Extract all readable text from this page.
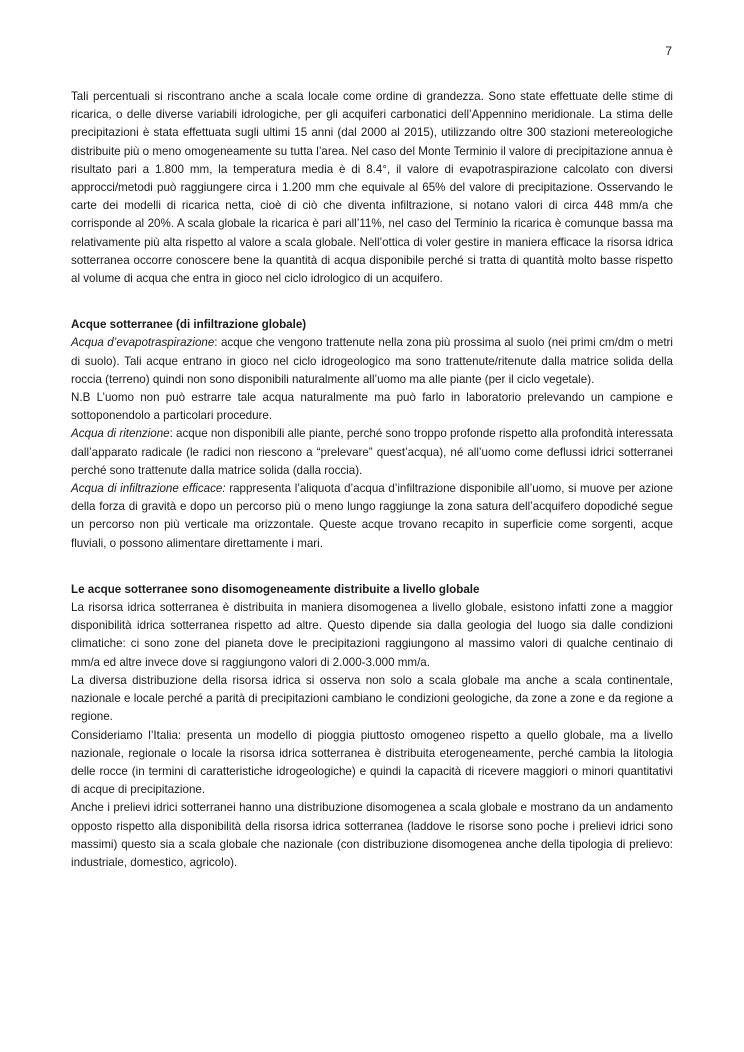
7

Tali percentuali si riscontrano anche a scala locale come ordine di grandezza. Sono state effettuate delle stime di ricarica, o delle diverse variabili idrologiche, per gli acquiferi carbonatici dell’Appennino meridionale. La stima delle precipitazioni è stata effettuata sugli ultimi 15 anni (dal 2000 al 2015), utilizzando oltre 300 stazioni metereologiche distribuite più o meno omogeneamente su tutta l’area. Nel caso del Monte Terminio il valore di precipitazione annua è risultato pari a 1.800 mm, la temperatura media è di 8.4°, il valore di evapotraspirazione calcolato con diversi approcci/metodi può raggiungere circa i 1.200 mm che equivale al 65% del valore di precipitazione. Osservando le carte dei modelli di ricarica netta, cioè di ciò che diventa infiltrazione, si notano valori di circa 448 mm/a che corrisponde al 20%. A scala globale la ricarica è pari all’11%, nel caso del Terminio la ricarica è comunque bassa ma relativamente più alta rispetto al valore a scala globale. Nell’ottica di voler gestire in maniera efficace la risorsa idrica sotterranea occorre conoscere bene la quantità di acqua disponibile perché si tratta di quantità molto basse rispetto al volume di acqua che entra in gioco nel ciclo idrologico di un acquifero.

Acque sotterranee (di infiltrazione globale)

Acqua d’evapotraspirazione: acque che vengono trattenute nella zona più prossima al suolo (nei primi cm/dm o metri di suolo). Tali acque entrano in gioco nel ciclo idrogeologico ma sono trattenute/ritenute dalla matrice solida della roccia (terreno) quindi non sono disponibili naturalmente all’uomo ma alle piante (per il ciclo vegetale).

N.B L’uomo non può estrarre tale acqua naturalmente ma può farlo in laboratorio prelevando un campione e sottoponendolo a particolari procedure.

Acqua di ritenzione: acque non disponibili alle piante, perché sono troppo profonde rispetto alla profondità interessata dall’apparato radicale (le radici non riescono a “prelevare” quest’acqua), né all’uomo come deflussi idrici sotterranei perché sono trattenute dalla matrice solida (dalla roccia).

Acqua di infiltrazione efficace: rappresenta l’aliquota d’acqua d’infiltrazione disponibile all’uomo, si muove per azione della forza di gravità e dopo un percorso più o meno lungo raggiunge la zona satura dell’acquifero dopodiché segue un percorso non più verticale ma orizzontale. Queste acque trovano recapito in superficie come sorgenti, acque fluviali, o possono alimentare direttamente i mari.

Le acque sotterranee sono disomogeneamente distribuite a livello globale

La risorsa idrica sotterranea è distribuita in maniera disomogenea a livello globale, esistono infatti zone a maggior disponibilità idrica sotterranea rispetto ad altre. Questo dipende sia dalla geologia del luogo sia dalle condizioni climatiche: ci sono zone del pianeta dove le precipitazioni raggiungono al massimo valori di qualche centinaio di mm/a ed altre invece dove si raggiungono valori di 2.000-3.000 mm/a.

La diversa distribuzione della risorsa idrica si osserva non solo a scala globale ma anche a scala continentale, nazionale e locale perché a parità di precipitazioni cambiano le condizioni geologiche, da zone a zone e da regione a regione.

Consideriamo l’Italia: presenta un modello di pioggia piuttosto omogeneo rispetto a quello globale, ma a livello nazionale, regionale o locale la risorsa idrica sotterranea è distribuita eterogeneamente, perché cambia la litologia delle rocce (in termini di caratteristiche idrogeologiche) e quindi la capacità di ricevere maggiori o minori quantitativi di acque di precipitazione.

Anche i prelievi idrici sotterranei hanno una distribuzione disomogenea a scala globale e mostrano da un andamento opposto rispetto alla disponibilità della risorsa idrica sotterranea (laddove le risorse sono poche i prelievi idrici sono massimi) questo sia a scala globale che nazionale (con distribuzione disomogenea anche della tipologia di prelievo: industriale, domestico, agricolo).
